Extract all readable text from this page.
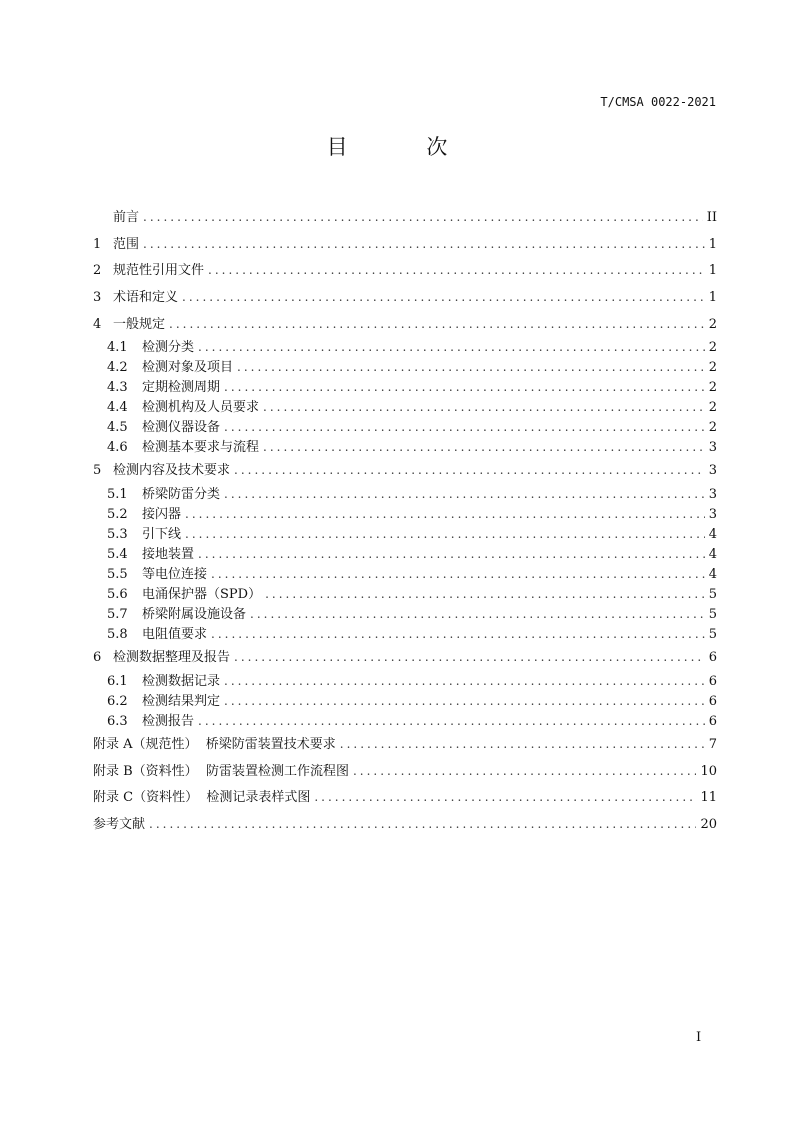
T/CMSA 0022-2021
目 次
前言 .....	II
1 范围 .....	1
2 规范性引用文件 .....	1
3 术语和定义 .....	1
4 一般规定 .....	2
4.1	检测分类 .....	2
4.2	检测对象及项目 .....	2
4.3	定期检测周期 .....	2
4.4	检测机构及人员要求 .....	2
4.5	检测仪器设备 .....	2
4.6	检测基本要求与流程 .....	3
5 检测内容及技术要求 .....	3
5.1	桥梁防雷分类 .....	3
5.2	接闪器 .....	3
5.3	引下线 .....	4
5.4	接地装置 .....	4
5.5	等电位连接 .....	4
5.6	电涌保护器（SPD） .....	5
5.7	桥梁附属设施设备 .....	5
5.8	电阻值要求 .....	5
6 检测数据整理及报告 .....	6
6.1	检测数据记录 .....	6
6.2	检测结果判定 .....	6
6.3	检测报告 .....	6
附录 A（规范性）  桥梁防雷装置技术要求 .....	7
附录 B（资料性）  防雷装置检测工作流程图 .....	10
附录 C（资料性）  检测记录表样式图 .....	11
参考文献 .....	20
I
